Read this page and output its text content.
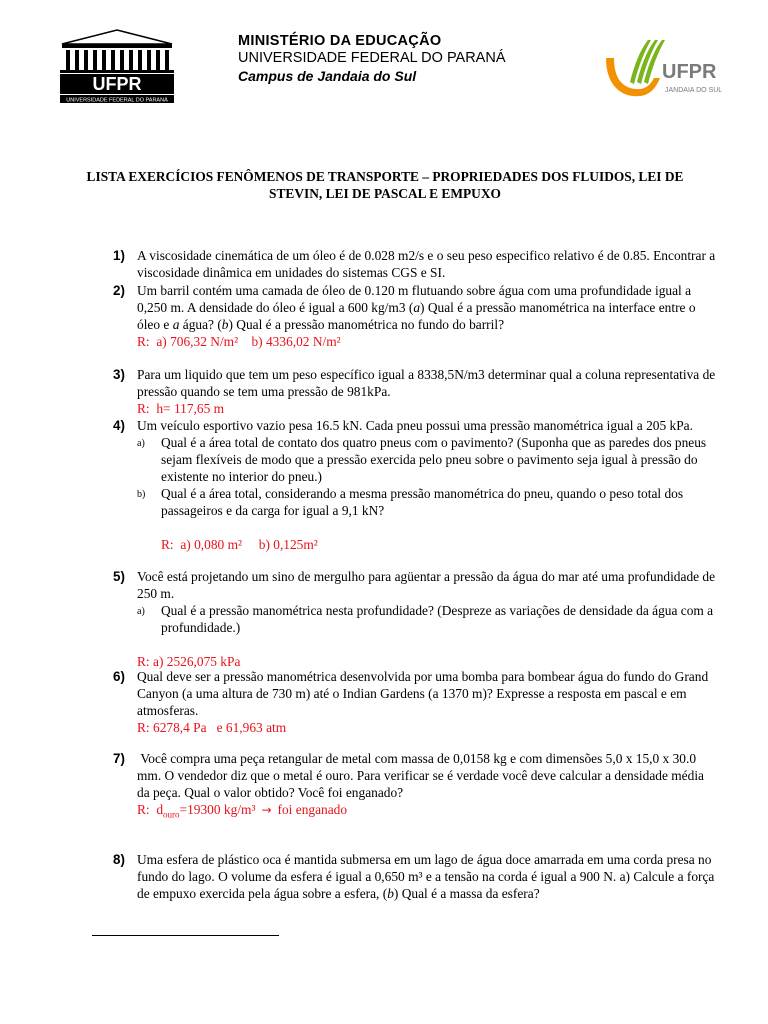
UFPR
UNIVERSIDADE FEDERAL DO PARANÁ
MINISTÉRIO DA EDUCAÇÃO
UNIVERSIDADE FEDERAL DO PARANÁ
Campus de Jandaia do Sul	UFPR
JANDAIA DO SUL
LISTA EXERCÍCIOS FENÔMENOS DE TRANSPORTE – PROPRIEDADES DOS FLUIDOS, LEI DE STEVIN, LEI DE PASCAL E EMPUXO
1) A viscosidade cinemática de um óleo é de 0.028 m2/s e o seu peso especifico relativo é de 0.85. Encontrar a viscosidade dinâmica em unidades do sistemas CGS e SI.
2) Um barril contém uma camada de óleo de 0.120 m flutuando sobre água com uma profundidade igual a 0,250 m. A densidade do óleo é igual a 600 kg/m3 (a) Qual é a pressão manométrica na interface entre o óleo e a água? (b) Qual é a pressão manométrica no fundo do barril?
R:  a) 706,32 N/m²    b) 4336,02 N/m²
3) Para um liquido que tem um peso específico igual a 8338,5N/m3 determinar qual a coluna representativa de pressão quando se tem uma pressão de 981kPa.
R:  h= 117,65 m
4) Um veículo esportivo vazio pesa 16.5 kN. Cada pneu possui uma pressão manométrica igual a 205 kPa.
a) Qual é a área total de contato dos quatro pneus com o pavimento? (Suponha que as paredes dos pneus sejam flexíveis de modo que a pressão exercida pelo pneu sobre o pavimento seja igual à pressão do existente no interior do pneu.)
b) Qual é a área total, considerando a mesma pressão manométrica do pneu, quando o peso total dos passageiros e da carga for igual a 9,1 kN?
R:  a) 0,080 m²     b) 0,125m²
5) Você está projetando um sino de mergulho para agüentar a pressão da água do mar até uma profundidade de 250 m.
a) Qual é a pressão manométrica nesta profundidade? (Despreze as variações de densidade da água com a profundidade.)
R: a) 2526,075 kPa
6) Qual deve ser a pressão manométrica desenvolvida por uma bomba para bombear água do fundo do Grand Canyon (a uma altura de 730 m) até o Indian Gardens (a 1370 m)? Expresse a resposta em pascal e em atmosferas.
R: 6278,4 Pa   e 61,963 atm
7) Você compra uma peça retangular de metal com massa de 0,0158 kg e com dimensões 5,0 x 15,0 x 30.0 mm. O vendedor diz que o metal é ouro. Para verificar se é verdade você deve calcular a densidade média da peça. Qual o valor obtido? Você foi enganado?
R:  $d_{ouro}=19300$ kg/m³ → foi enganado
8) Uma esfera de plástico oca é mantida submersa em um lago de água doce amarrada em uma corda presa no fundo do lago. O volume da esfera é igual a 0,650 m³ e a tensão na corda é igual a 900 N. a) Calcule a força de empuxo exercida pela água sobre a esfera, (b) Qual é a massa da esfera?
